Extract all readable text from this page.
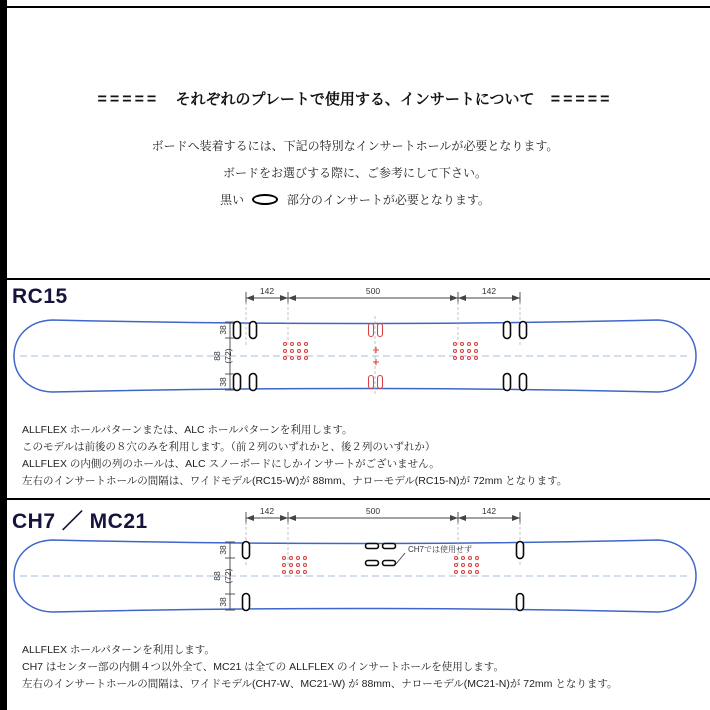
===== それぞれのプレートで使用する、インサートについて =====

ボードへ装着するには、下記の特別なインサートホールが必要となります。

ボードをお選びする際に、ご参考にして下さい。

黒い	部分のインサートが必要となります。

RC15	142	500	142
38
88 (72)
38
ALLFLEX ホールパターンまたは、ALC ホールパターンを利用します。
このモデルは前後の８穴のみを利用します。（前２列のいずれかと、後２列のいずれか）
ALLFLEX の内側の列のホールは、ALC スノーボードにしかインサートがございません。
左右のインサートホールの間隔は、ワイドモデル(RC15-W)が 88mm、ナローモデル(RC15-N)が 72mm となります。
CH7 ／ MC21	142	500	142
38
88 (72)
38
CH7では使用せず
ALLFLEX ホールパターンを利用します。
CH7 はセンター部の内側４つ以外全て、MC21 は全ての ALLFLEX のインサートホールを使用します。
左右のインサートホールの間隔は、ワイドモデル(CH7-W、MC21-W) が 88mm、ナローモデル(MC21-N)が 72mm となります。
